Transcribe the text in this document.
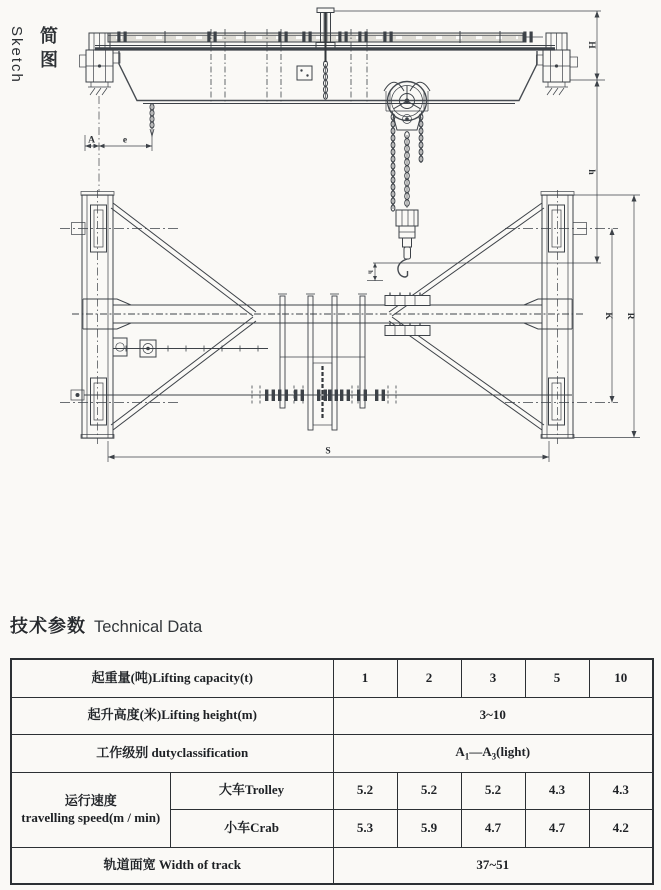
简图
Sketch	H
h
h
A	e
K R
S
技术参数 Technical Data
起重量(吨)Lifting capacity(t)		1	2	3	5	10
起升高度(米)Lifting height(m)		3~10				
工作级别 dutyclassification		$A_1—A_3(light)$				

运行速度
travelling speed(m / min)	大车Trolley	5.2	5.2	5.2	4.3	4.3
	小车Crab	5.3	5.9	4.7	4.7	4.2
轨道面宽 Width of track		37~51				
